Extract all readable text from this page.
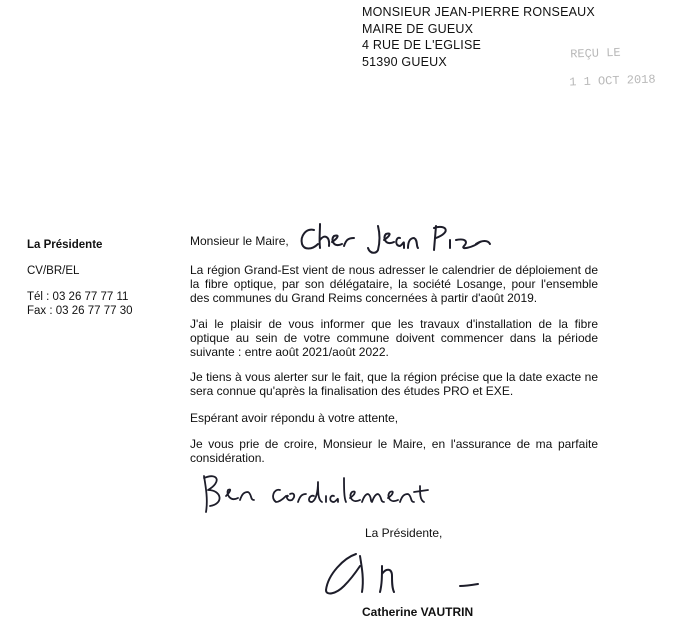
MONSIEUR JEAN-PIERRE RONSEAUX
MAIRE DE GUEUX
4 RUE DE L'EGLISE
51390 GUEUX	REÇU LE
1 1 OCT 2018
La Présidente
CV/BR/EL
Tél : 03 26 77 77 11
Fax : 03 26 77 77 30
Monsieur le Maire,

La région Grand-Est vient de nous adresser le calendrier de déploiement de la fibre optique, par son délégataire, la société Losange, pour l'ensemble des communes du Grand Reims concernées à partir d'août 2019.

J'ai le plaisir de vous informer que les travaux d'installation de la fibre optique au sein de votre commune doivent commencer dans la période suivante : entre août 2021/août 2022.

Je tiens à vous alerter sur le fait, que la région précise que la date exacte ne sera connue qu'après la finalisation des études PRO et EXE.

Espérant avoir répondu à votre attente,

Je vous prie de croire, Monsieur le Maire, en l'assurance de ma parfaite considération.

La Présidente,
Catherine VAUTRIN
